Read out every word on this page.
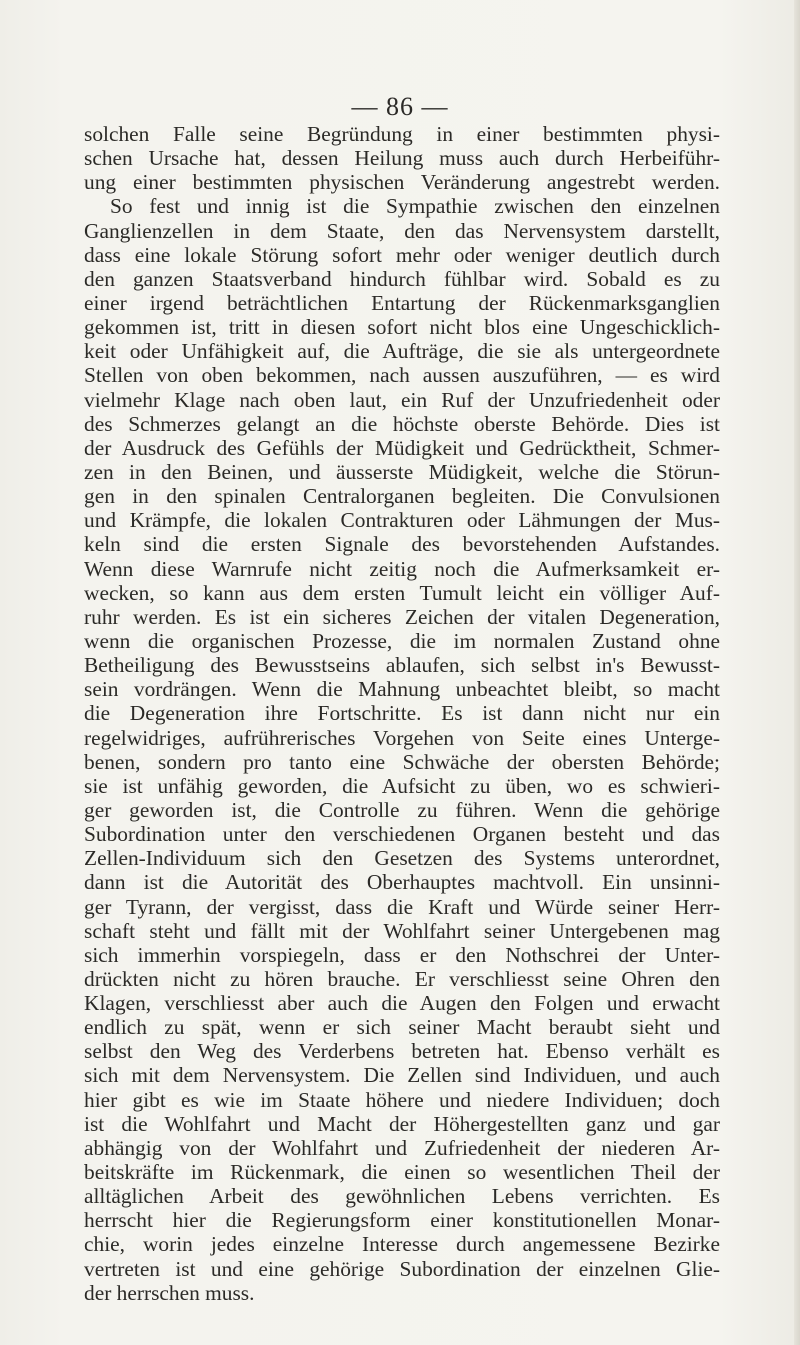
— 86 —
solchen Falle seine Begründung in einer bestimmten physi-
schen Ursache hat, dessen Heilung muss auch durch Herbeiführ-
ung einer bestimmten physischen Veränderung angestrebt werden.
So fest und innig ist die Sympathie zwischen den einzelnen
Ganglienzellen in dem Staate, den das Nervensystem darstellt,
dass eine lokale Störung sofort mehr oder weniger deutlich durch
den ganzen Staatsverband hindurch fühlbar wird. Sobald es zu
einer irgend beträchtlichen Entartung der Rückenmarksganglien
gekommen ist, tritt in diesen sofort nicht blos eine Ungeschicklich-
keit oder Unfähigkeit auf, die Aufträge, die sie als untergeordnete
Stellen von oben bekommen, nach aussen auszuführen, — es wird
vielmehr Klage nach oben laut, ein Ruf der Unzufriedenheit oder
des Schmerzes gelangt an die höchste oberste Behörde. Dies ist
der Ausdruck des Gefühls der Müdigkeit und Gedrücktheit, Schmer-
zen in den Beinen, und äusserste Müdigkeit, welche die Störun-
gen in den spinalen Centralorganen begleiten. Die Convulsionen
und Krämpfe, die lokalen Contrakturen oder Lähmungen der Mus-
keln sind die ersten Signale des bevorstehenden Aufstandes.
Wenn diese Warnrufe nicht zeitig noch die Aufmerksamkeit er-
wecken, so kann aus dem ersten Tumult leicht ein völliger Auf-
ruhr werden. Es ist ein sicheres Zeichen der vitalen Degeneration,
wenn die organischen Prozesse, die im normalen Zustand ohne
Betheiligung des Bewusstseins ablaufen, sich selbst in's Bewusst-
sein vordrängen. Wenn die Mahnung unbeachtet bleibt, so macht
die Degeneration ihre Fortschritte. Es ist dann nicht nur ein
regelwidriges, aufrührerisches Vorgehen von Seite eines Unterge-
benen, sondern pro tanto eine Schwäche der obersten Behörde;
sie ist unfähig geworden, die Aufsicht zu üben, wo es schwieri-
ger geworden ist, die Controlle zu führen. Wenn die gehörige
Subordination unter den verschiedenen Organen besteht und das
Zellen-Individuum sich den Gesetzen des Systems unterordnet,
dann ist die Autorität des Oberhauptes machtvoll. Ein unsinni-
ger Tyrann, der vergisst, dass die Kraft und Würde seiner Herr-
schaft steht und fällt mit der Wohlfahrt seiner Untergebenen mag
sich immerhin vorspiegeln, dass er den Nothschrei der Unter-
drückten nicht zu hören brauche. Er verschliesst seine Ohren den
Klagen, verschliesst aber auch die Augen den Folgen und erwacht
endlich zu spät, wenn er sich seiner Macht beraubt sieht und
selbst den Weg des Verderbens betreten hat. Ebenso verhält es
sich mit dem Nervensystem. Die Zellen sind Individuen, und auch
hier gibt es wie im Staate höhere und niedere Individuen; doch
ist die Wohlfahrt und Macht der Höhergestellten ganz und gar
abhängig von der Wohlfahrt und Zufriedenheit der niederen Ar-
beitskräfte im Rückenmark, die einen so wesentlichen Theil der
alltäglichen Arbeit des gewöhnlichen Lebens verrichten. Es
herrscht hier die Regierungsform einer konstitutionellen Monar-
chie, worin jedes einzelne Interesse durch angemessene Bezirke
vertreten ist und eine gehörige Subordination der einzelnen Glie-
der herrschen muss.
